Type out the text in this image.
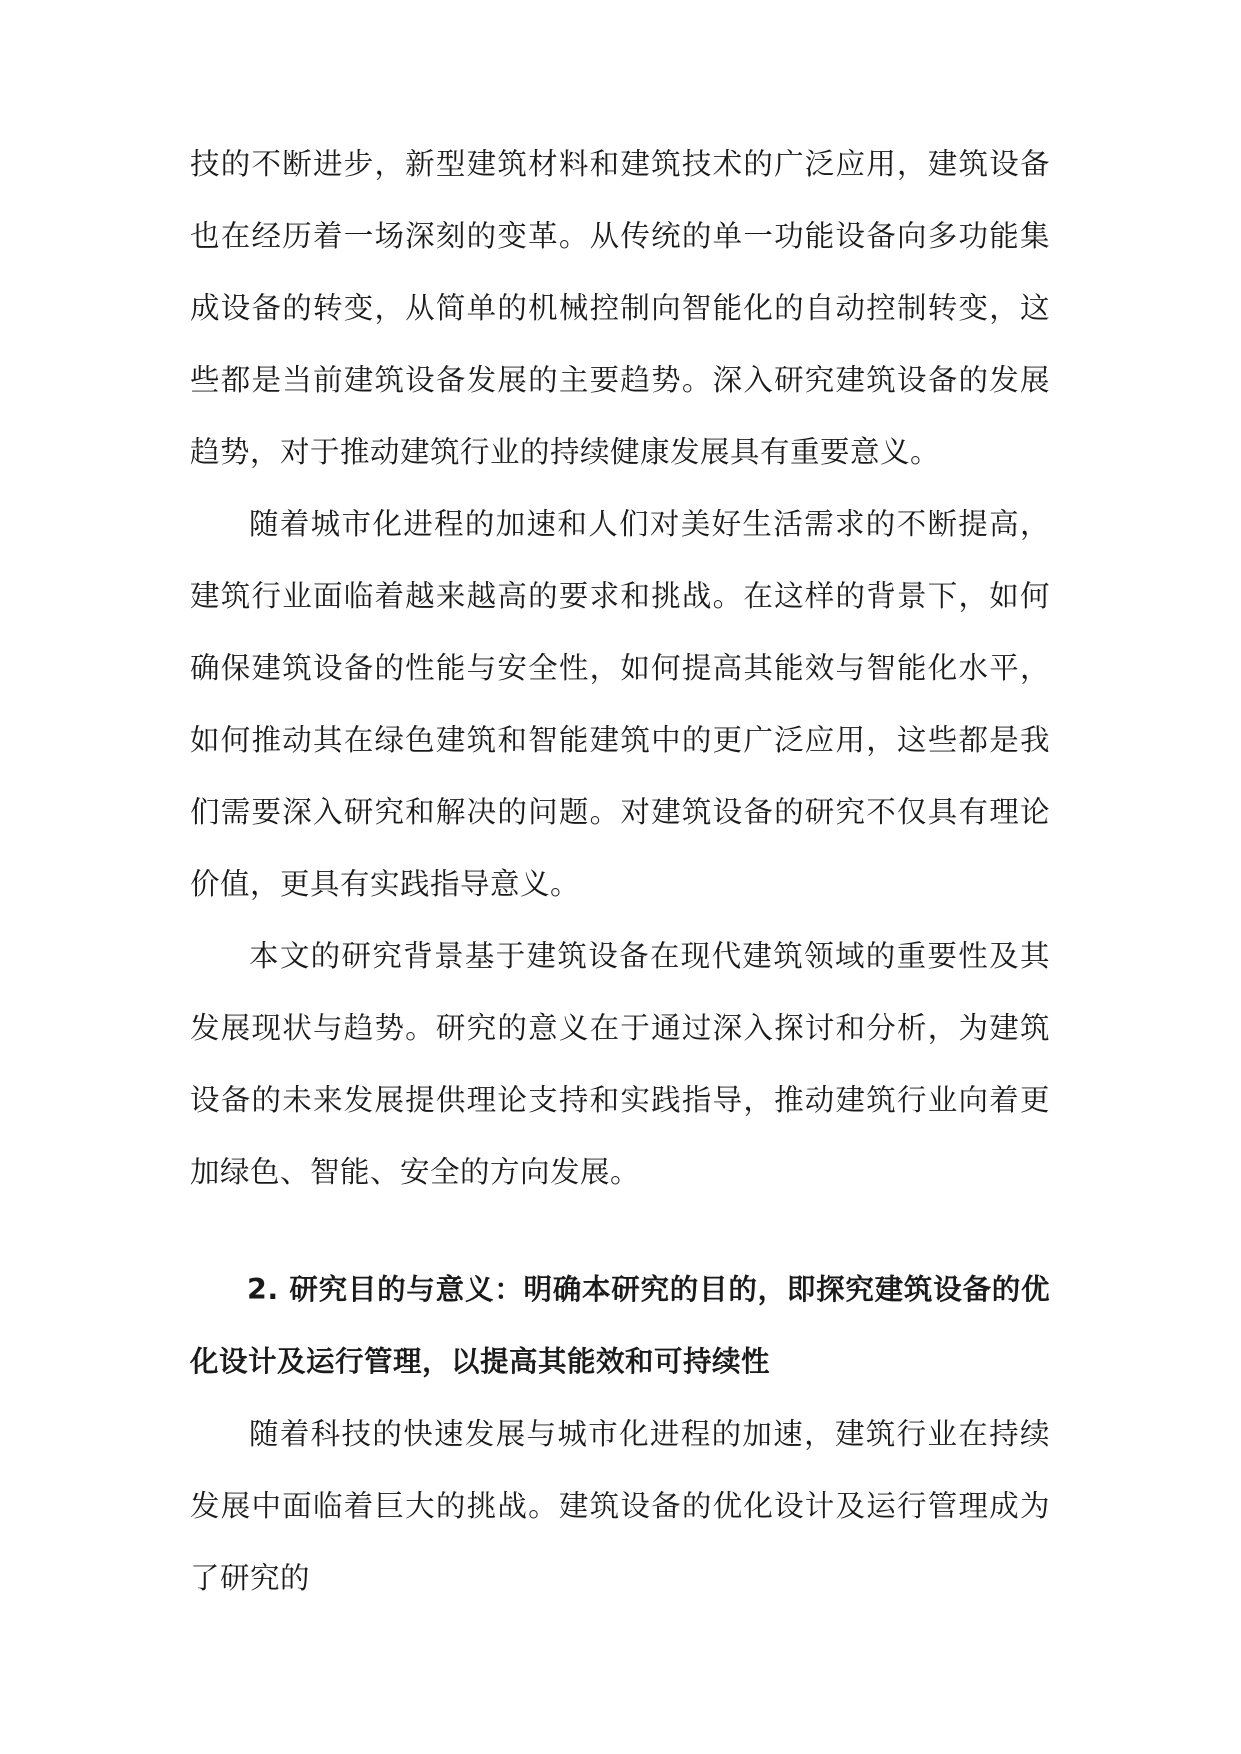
技的不断进步，新型建筑材料和建筑技术的广泛应用，建筑设备也在经历着一场深刻的变革。从传统的单一功能设备向多功能集成设备的转变，从简单的机械控制向智能化的自动控制转变，这些都是当前建筑设备发展的主要趋势。深入研究建筑设备的发展趋势，对于推动建筑行业的持续健康发展具有重要意义。

随着城市化进程的加速和人们对美好生活需求的不断提高，建筑行业面临着越来越高的要求和挑战。在这样的背景下，如何确保建筑设备的性能与安全性，如何提高其能效与智能化水平，如何推动其在绿色建筑和智能建筑中的更广泛应用，这些都是我们需要深入研究和解决的问题。对建筑设备的研究不仅具有理论价值，更具有实践指导意义。

本文的研究背景基于建筑设备在现代建筑领域的重要性及其发展现状与趋势。研究的意义在于通过深入探讨和分析，为建筑设备的未来发展提供理论支持和实践指导，推动建筑行业向着更加绿色、智能、安全的方向发展。

2. 研究目的与意义：明确本研究的目的，即探究建筑设备的优化设计及运行管理，以提高其能效和可持续性

随着科技的快速发展与城市化进程的加速，建筑行业在持续发展中面临着巨大的挑战。建筑设备的优化设计及运行管理成为了研究的
